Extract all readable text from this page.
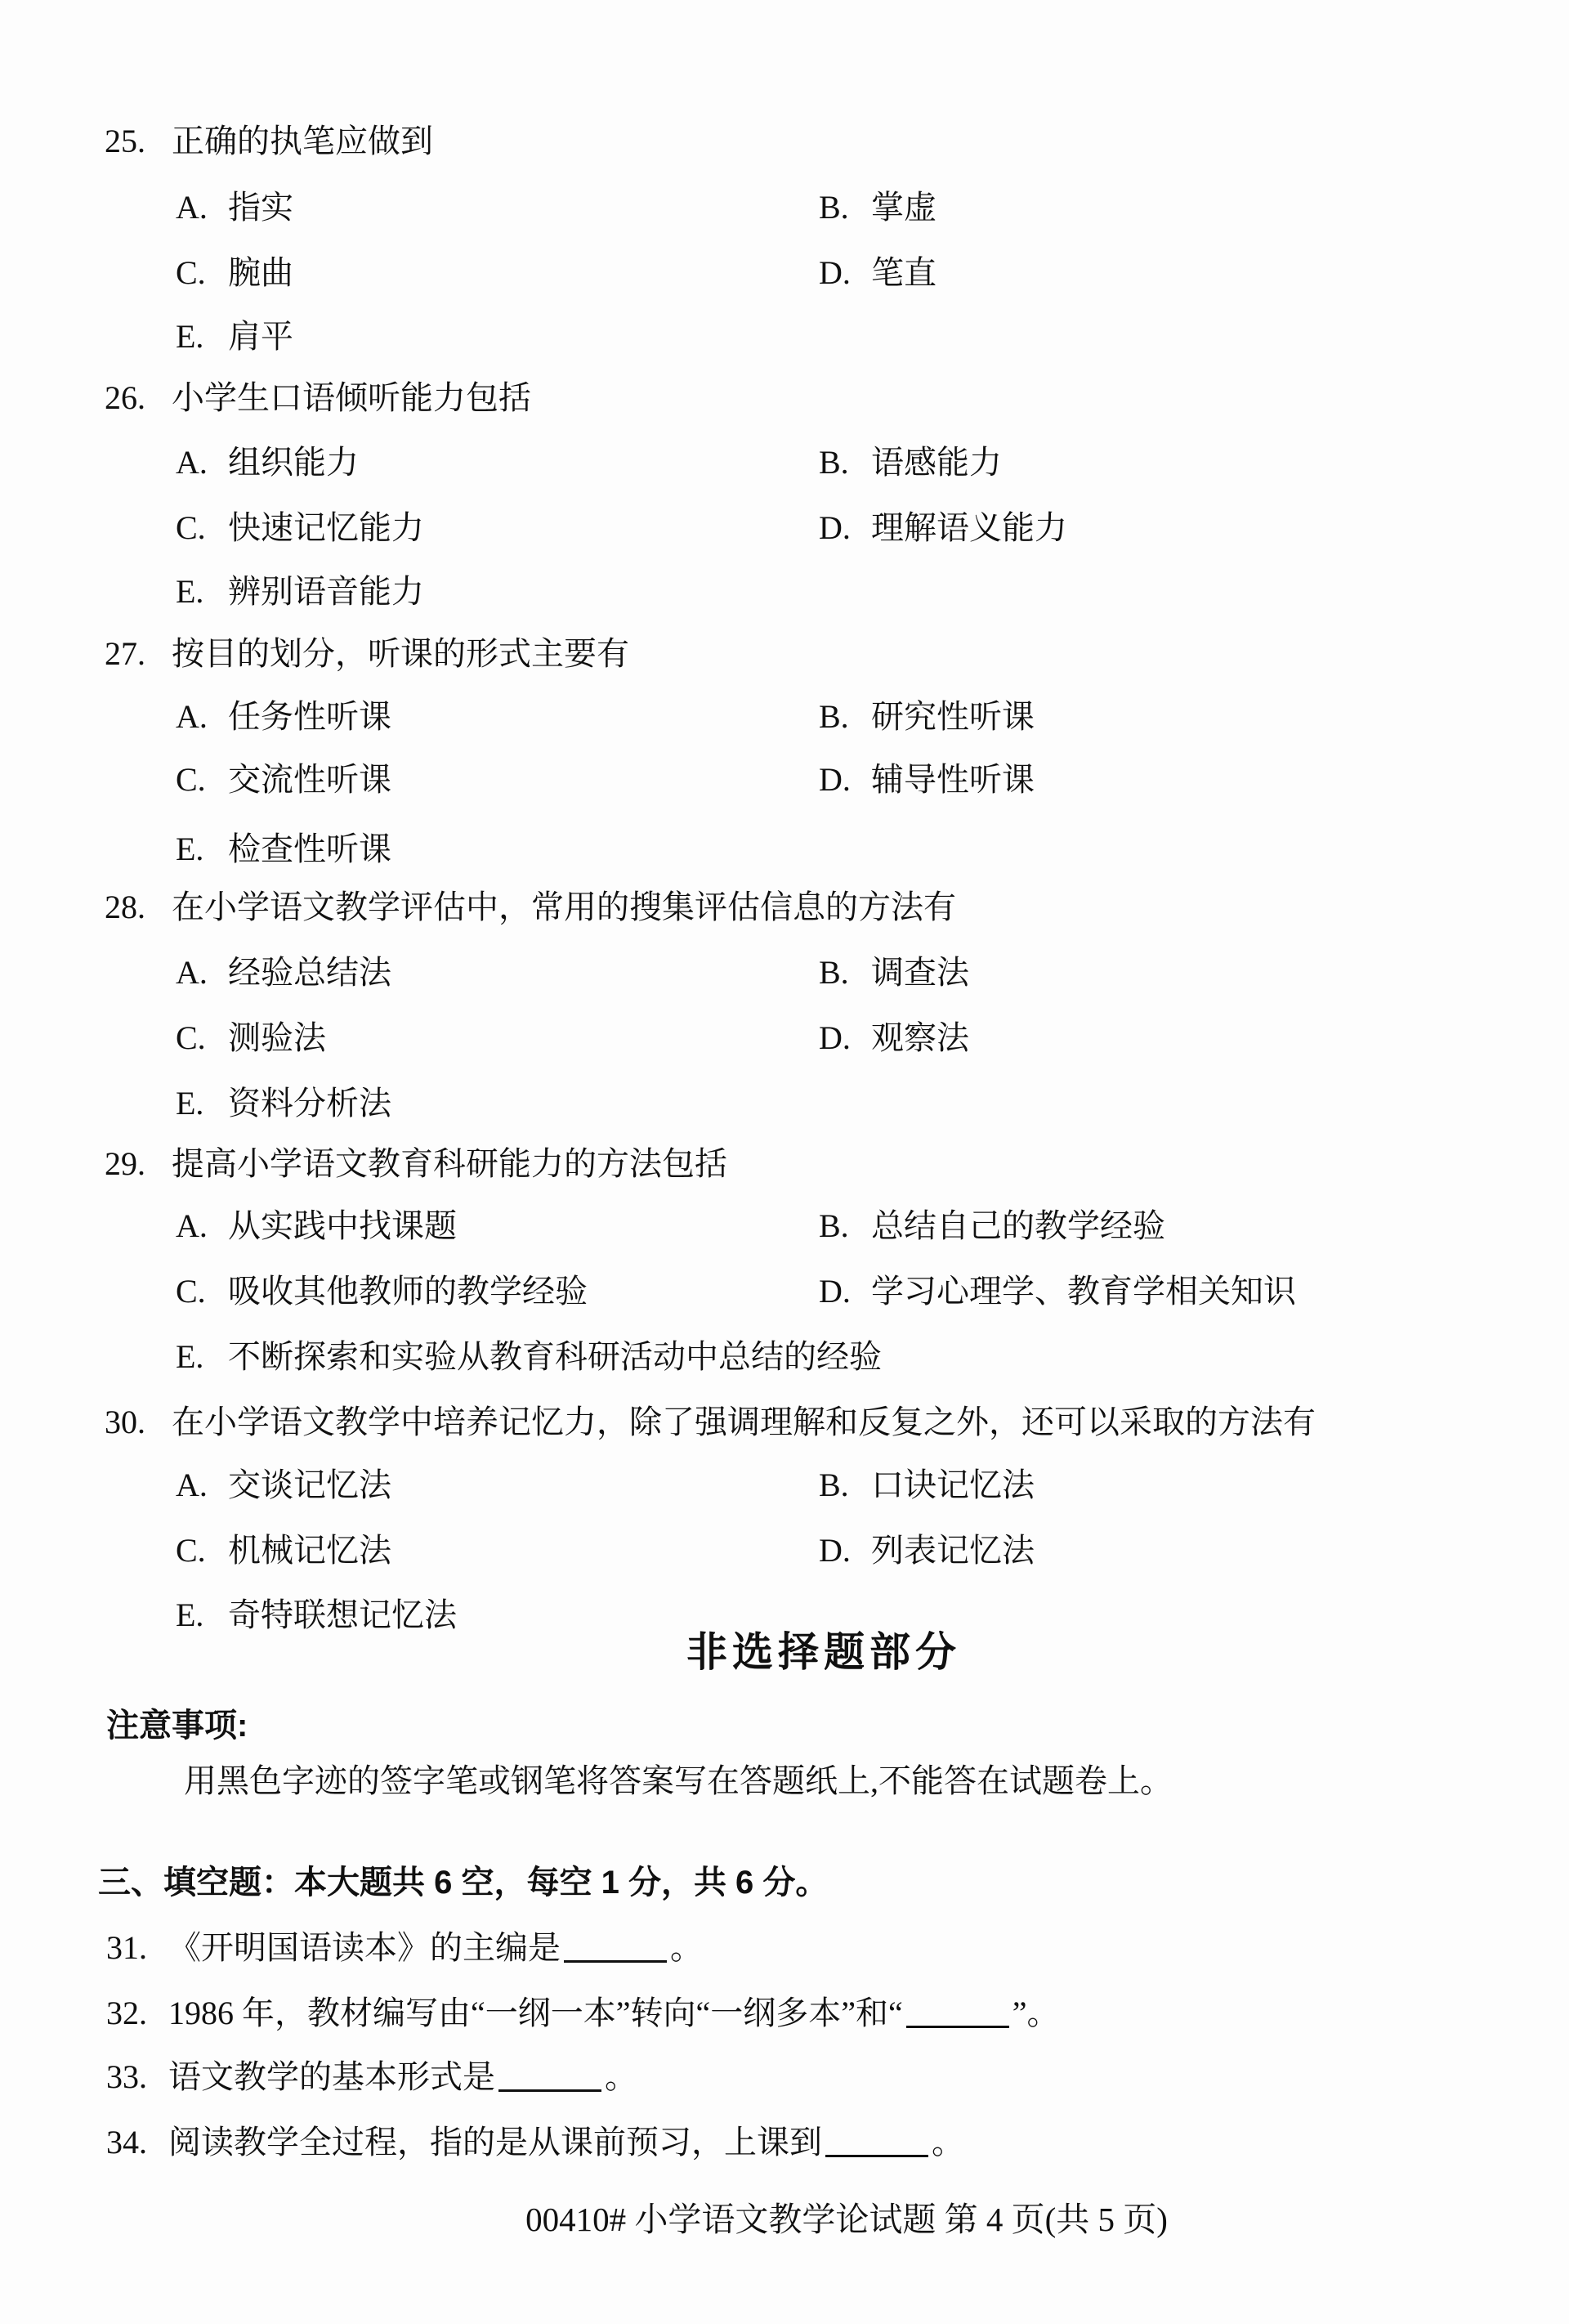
25. 正确的执笔应做到
A. 指实	B. 掌虚
C. 腕曲	D. 笔直
E. 肩平
26. 小学生口语倾听能力包括
A. 组织能力	B. 语感能力
C. 快速记忆能力	D. 理解语义能力
E. 辨别语音能力
27. 按目的划分，听课的形式主要有
A. 任务性听课	B. 研究性听课
C. 交流性听课	D. 辅导性听课
E. 检查性听课
28. 在小学语文教学评估中，常用的搜集评估信息的方法有
A. 经验总结法	B. 调查法
C. 测验法	D. 观察法
E. 资料分析法
29. 提高小学语文教育科研能力的方法包括
A. 从实践中找课题	B. 总结自己的教学经验
C. 吸收其他教师的教学经验	D. 学习心理学、教育学相关知识
E. 不断探索和实验从教育科研活动中总结的经验
30. 在小学语文教学中培养记忆力，除了强调理解和反复之外，还可以采取的方法有
A. 交谈记忆法	B. 口诀记忆法
C. 机械记忆法	D. 列表记忆法
E. 奇特联想记忆法
非选择题部分
注意事项:
用黑色字迹的签字笔或钢笔将答案写在答题纸上,不能答在试题卷上。
三、填空题：本大题共 6 空，每空 1 分，共 6 分。
31. 《开明国语读本》的主编是	。
32. 1986 年，教材编写由“一纲一本”转向“一纲多本”和“	”。
33. 语文教学的基本形式是	。
34. 阅读教学全过程，指的是从课前预习，上课到	。
00410# 小学语文教学论试题 第 4 页(共 5 页)
